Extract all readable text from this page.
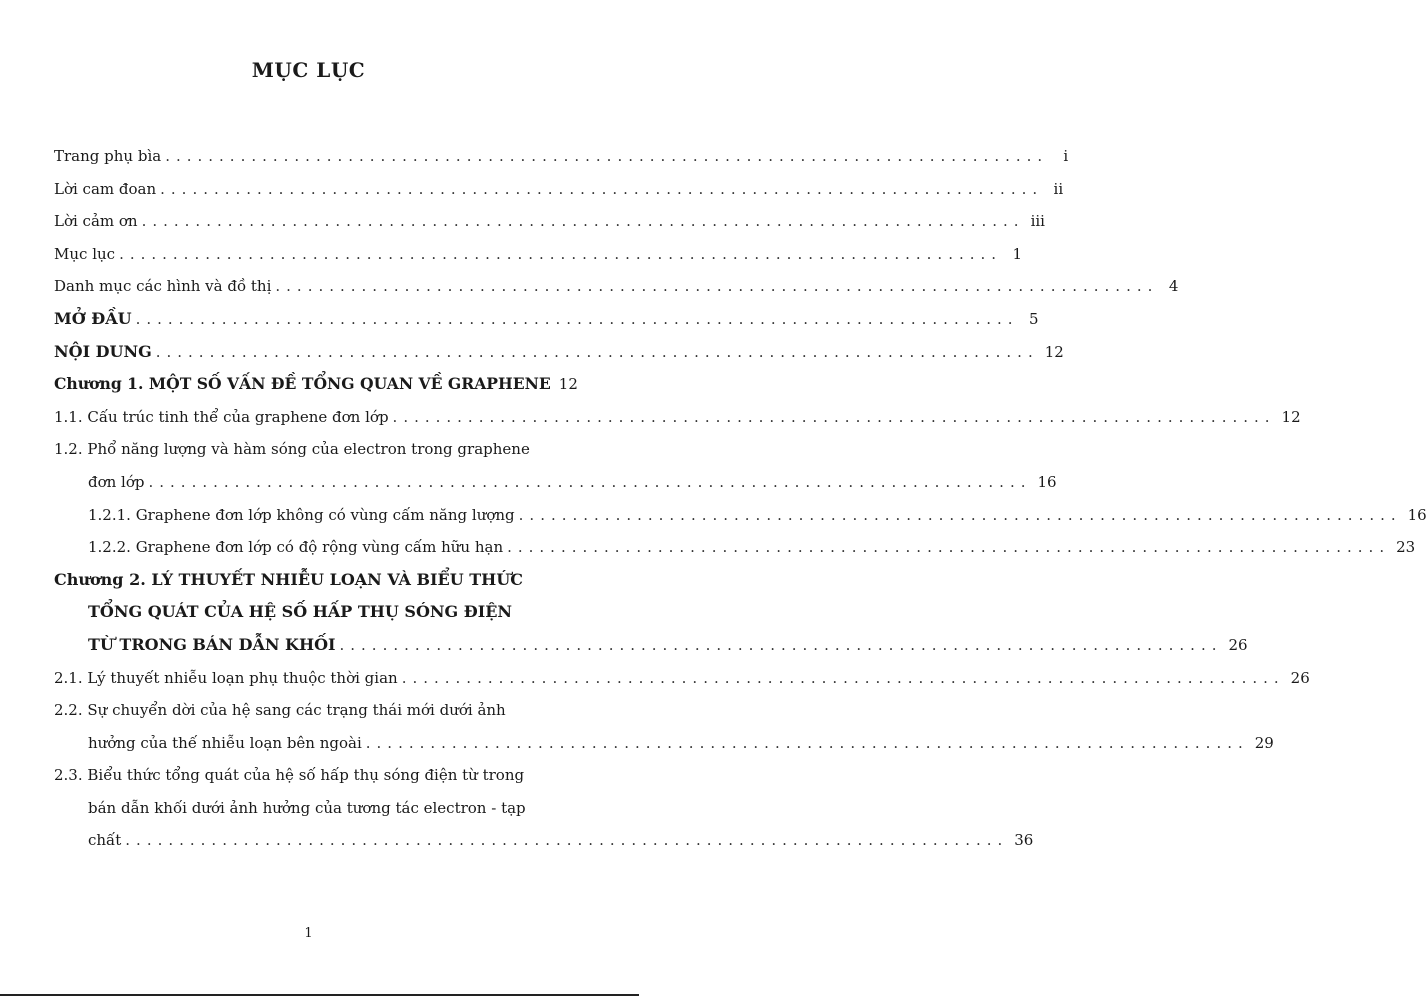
MỤC LỤC
Trang phụ bìa ..................................................................................	i
Lời cam đoan .................................................................................. ii
Lời cảm ơn .................................................................................. iii
Mục lục .................................................................................. 1
Danh mục các hình và đồ thị .................................................................................. 4
MỞ ĐẦU .................................................................................. 5
NỘI DUNG .................................................................................. 12
Chương 1. MỘT SỐ VẤN ĐỀ TỔNG QUAN VỀ GRAPHENE 12
1.1. Cấu trúc tinh thể của graphene đơn lớp .................................................................................. 12
1.2. Phổ năng lượng và hàm sóng của electron trong graphene
đơn lớp .................................................................................. 16
1.2.1. Graphene đơn lớp không có vùng cấm năng lượng .................................................................................. 16
1.2.2. Graphene đơn lớp có độ rộng vùng cấm hữu hạn .................................................................................. 23
Chương 2. LÝ THUYẾT NHIỄU LOẠN VÀ BIỂU THỨC
TỔNG QUÁT CỦA HỆ SỐ HẤP THỤ SÓNG ĐIỆN
TỪ TRONG BÁN DẪN KHỐI .................................................................................. 26
2.1. Lý thuyết nhiễu loạn phụ thuộc thời gian .................................................................................. 26
2.2. Sự chuyển dời của hệ sang các trạng thái mới dưới ảnh
hưởng của thế nhiễu loạn bên ngoài .................................................................................. 29
2.3. Biểu thức tổng quát của hệ số hấp thụ sóng điện từ trong
bán dẫn khối dưới ảnh hưởng của tương tác electron - tạp
chất .................................................................................. 36
1
